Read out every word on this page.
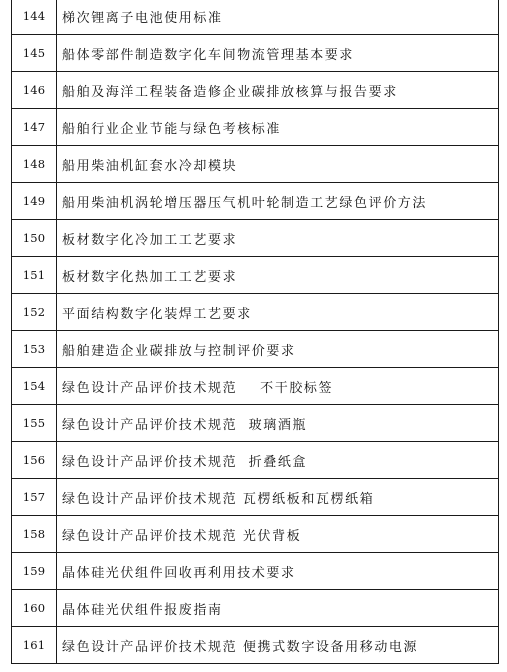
144	梯次锂离子电池使用标准
145	船体零部件制造数字化车间物流管理基本要求
146	船舶及海洋工程装备造修企业碳排放核算与报告要求
147	船舶行业企业节能与绿色考核标准
148	船用柴油机缸套水冷却模块
149	船用柴油机涡轮增压器压气机叶轮制造工艺绿色评价方法
150	板材数字化冷加工工艺要求
151	板材数字化热加工工艺要求
152	平面结构数字化装焊工艺要求
153	船舶建造企业碳排放与控制评价要求
154	绿色设计产品评价技术规范    不干胶标签
155	绿色设计产品评价技术规范  玻璃酒瓶
156	绿色设计产品评价技术规范  折叠纸盒
157	绿色设计产品评价技术规范 瓦楞纸板和瓦楞纸箱
158	绿色设计产品评价技术规范 光伏背板
159	晶体硅光伏组件回收再利用技术要求
160	晶体硅光伏组件报废指南
161	绿色设计产品评价技术规范 便携式数字设备用移动电源
